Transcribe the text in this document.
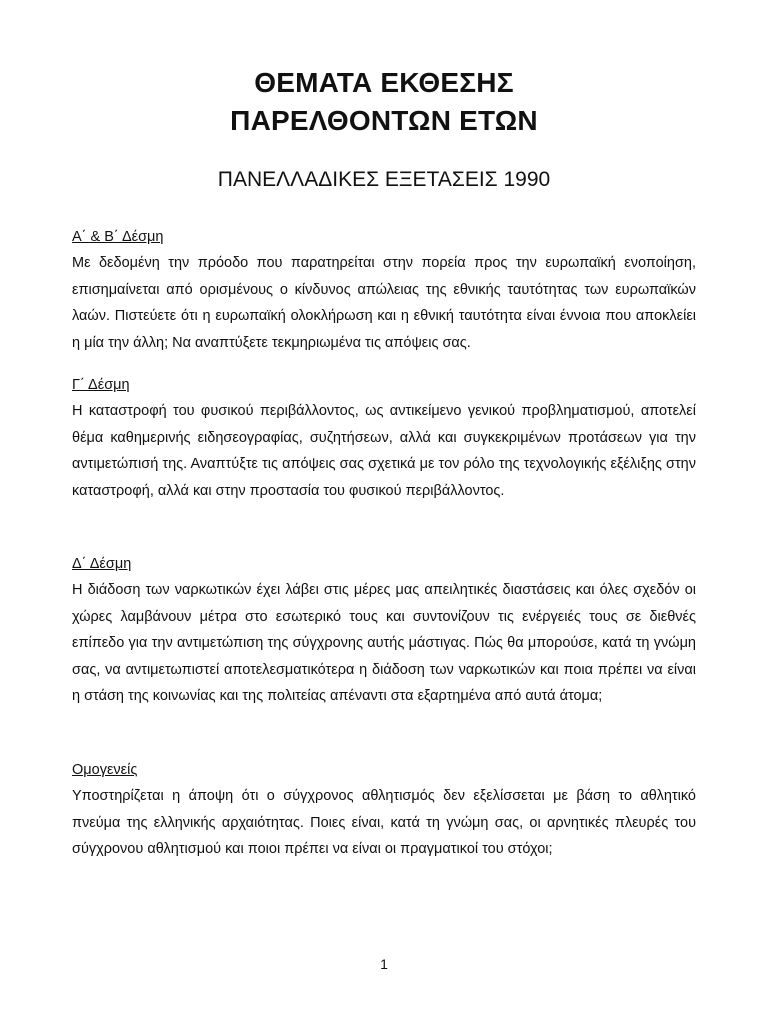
ΘΕΜΑΤΑ ΕΚΘΕΣΗΣ
ΠΑΡΕΛΘΟΝΤΩΝ ΕΤΩΝ
ΠΑΝΕΛΛΑΔΙΚΕΣ ΕΞΕΤΑΣΕΙΣ 1990
Α΄ & Β΄ Δέσμη
Με δεδομένη την πρόοδο που παρατηρείται στην πορεία προς την ευρωπαϊκή ενοποίηση, επισημαίνεται από ορισμένους ο κίνδυνος απώλειας της εθνικής ταυτότητας των ευρωπαϊκών λαών. Πιστεύετε ότι η ευρωπαϊκή ολοκλήρωση και η εθνική ταυτότητα είναι έννοια που αποκλείει η μία την άλλη; Να αναπτύξετε τεκμηριωμένα τις απόψεις σας.
Γ΄ Δέσμη
Η καταστροφή του φυσικού περιβάλλοντος, ως αντικείμενο γενικού προβληματισμού, αποτελεί θέμα καθημερινής ειδησεογραφίας, συζητήσεων, αλλά και συγκεκριμένων προτάσεων για την αντιμετώπισή της. Αναπτύξτε τις απόψεις σας σχετικά με τον ρόλο της τεχνολογικής εξέλιξης στην καταστροφή, αλλά και στην προστασία του φυσικού περιβάλλοντος.
Δ΄ Δέσμη
Η διάδοση των ναρκωτικών έχει λάβει στις μέρες μας απειλητικές διαστάσεις και όλες σχεδόν οι χώρες λαμβάνουν μέτρα στο εσωτερικό τους και συντονίζουν τις ενέργειές τους σε διεθνές επίπεδο για την αντιμετώπιση της σύγχρονης αυτής μάστιγας. Πώς θα μπορούσε, κατά τη γνώμη σας, να αντιμετωπιστεί αποτελεσματικότερα η διάδοση των ναρκωτικών και ποια πρέπει να είναι η στάση της κοινωνίας και της πολιτείας απέναντι στα εξαρτημένα από αυτά άτομα;
Ομογενείς
Υποστηρίζεται η άποψη ότι ο σύγχρονος αθλητισμός δεν εξελίσσεται με βάση το αθλητικό πνεύμα της ελληνικής αρχαιότητας. Ποιες είναι, κατά τη γνώμη σας, οι αρνητικές πλευρές του σύγχρονου αθλητισμού και ποιοι πρέπει να είναι οι πραγματικοί του στόχοι;
1
